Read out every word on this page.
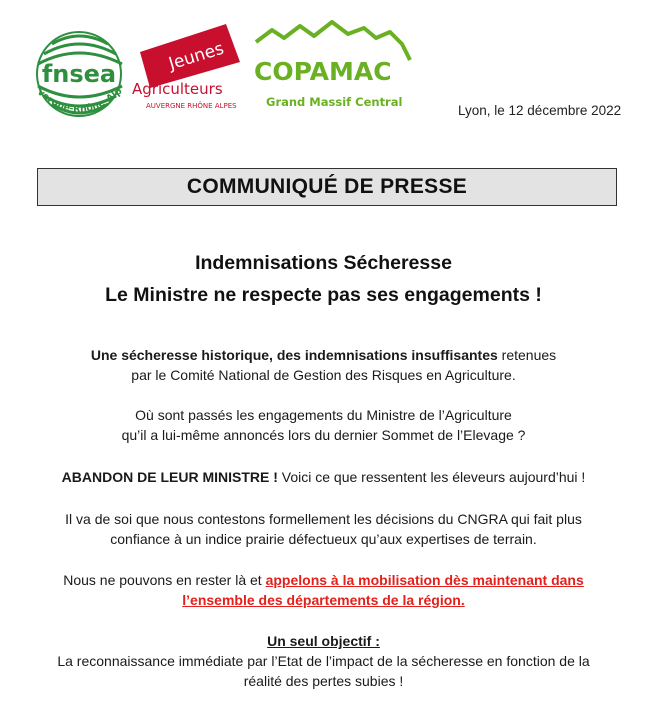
fnsea
vergne-Rhône-Alp
Jeunes
Agriculteurs
AUVERGNE RHÔNE ALPES
COPAMAC
Grand Massif Central
Lyon, le 12 décembre 2022
COMMUNIQUÉ DE PRESSE
Indemnisations Sécheresse
Le Ministre ne respecte pas ses engagements !
Une sécheresse historique, des indemnisations insuffisantes retenues
par le Comité National de Gestion des Risques en Agriculture.
Où sont passés les engagements du Ministre de l’Agriculture
qu’il a lui-même annoncés lors du dernier Sommet de l’Elevage ?
ABANDON DE LEUR MINISTRE ! Voici ce que ressentent les éleveurs aujourd’hui !
Il va de soi que nous contestons formellement les décisions du CNGRA qui fait plus
confiance à un indice prairie défectueux qu’aux expertises de terrain.
Nous ne pouvons en rester là et appelons à la mobilisation dès maintenant dans
l’ensemble des départements de la région.
Un seul objectif :
La reconnaissance immédiate par l’Etat de l’impact de la sécheresse en fonction de la
réalité des pertes subies !
